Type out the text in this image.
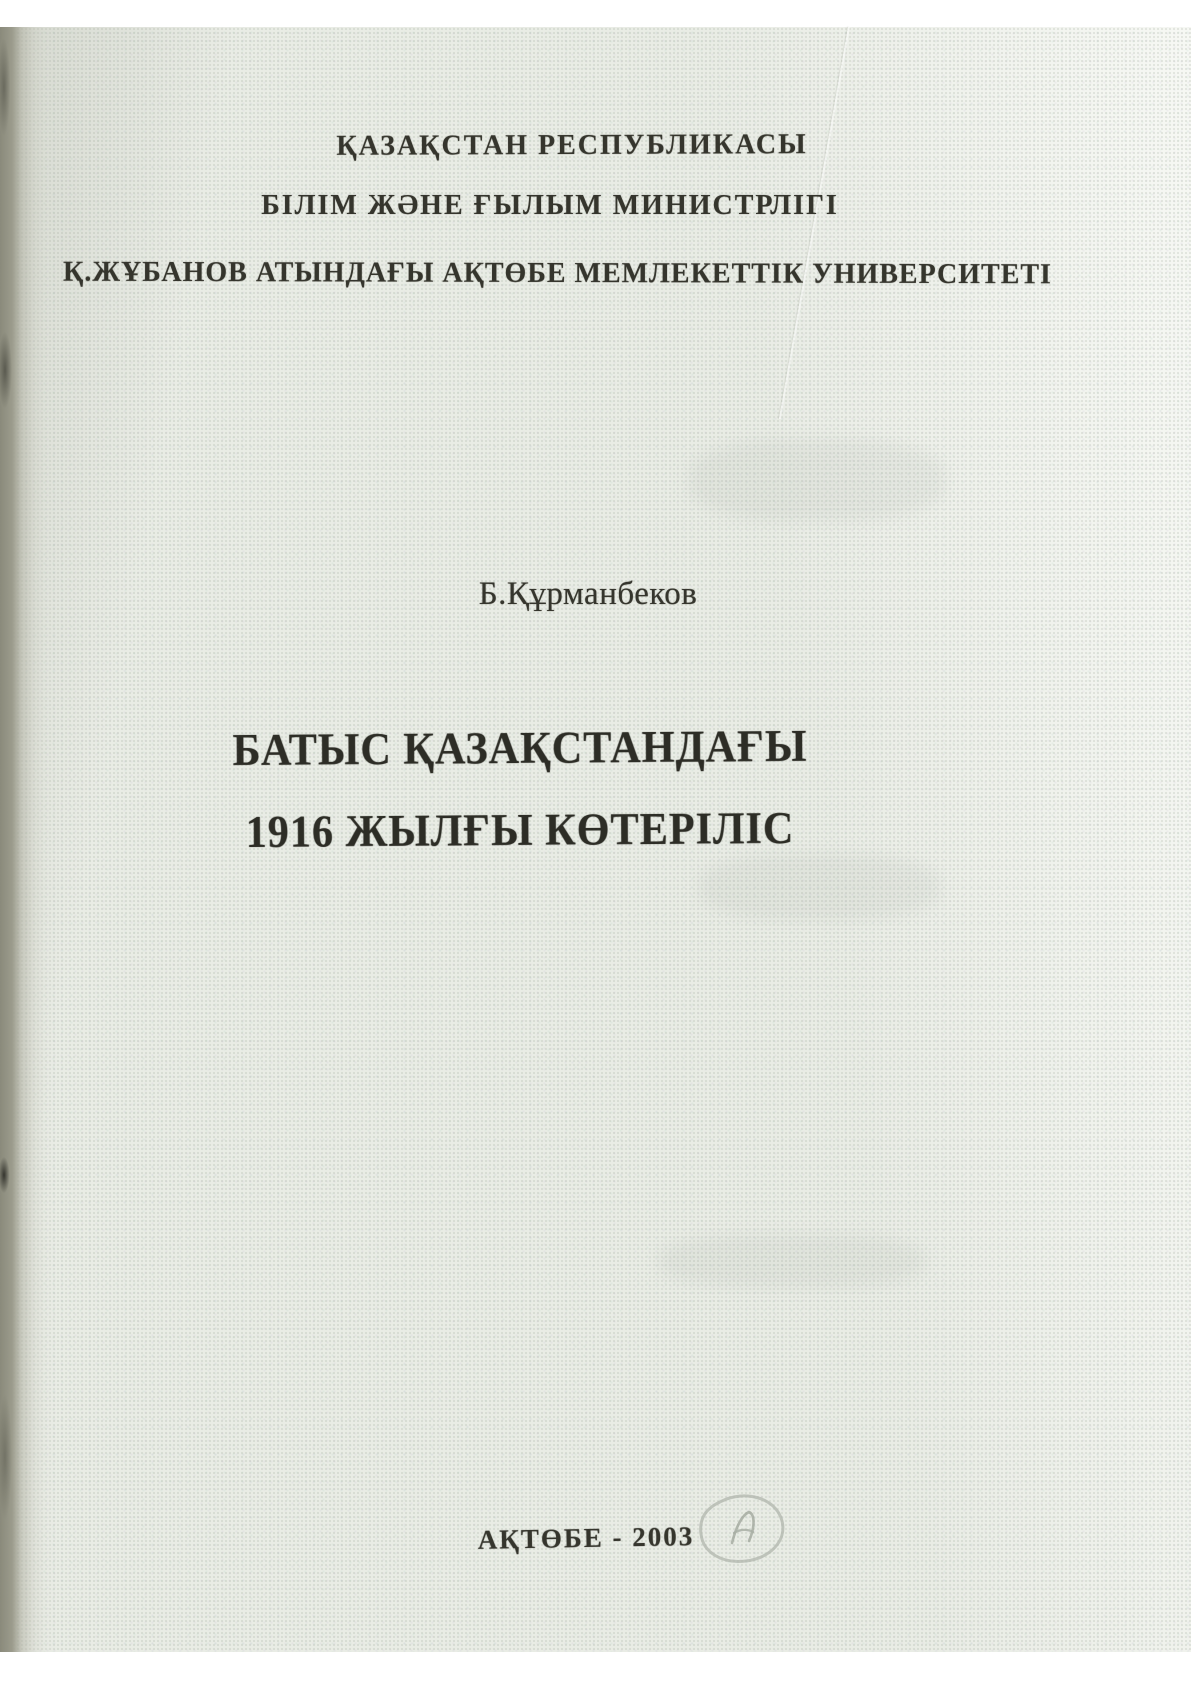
ҚАЗАҚСТАН РЕСПУБЛИКАСЫ
БІЛІМ ЖӘНЕ ҒЫЛЫМ МИНИСТРЛІГІ
Қ.ЖҰБАНОВ АТЫНДАҒЫ АҚТӨБЕ МЕМЛЕКЕТТІК УНИВЕРСИТЕТІ
Б.Құрманбеков
БАТЫС ҚАЗАҚСТАНДАҒЫ
1916 ЖЫЛҒЫ КӨТЕРІЛІС
АҚТӨБЕ - 2003
